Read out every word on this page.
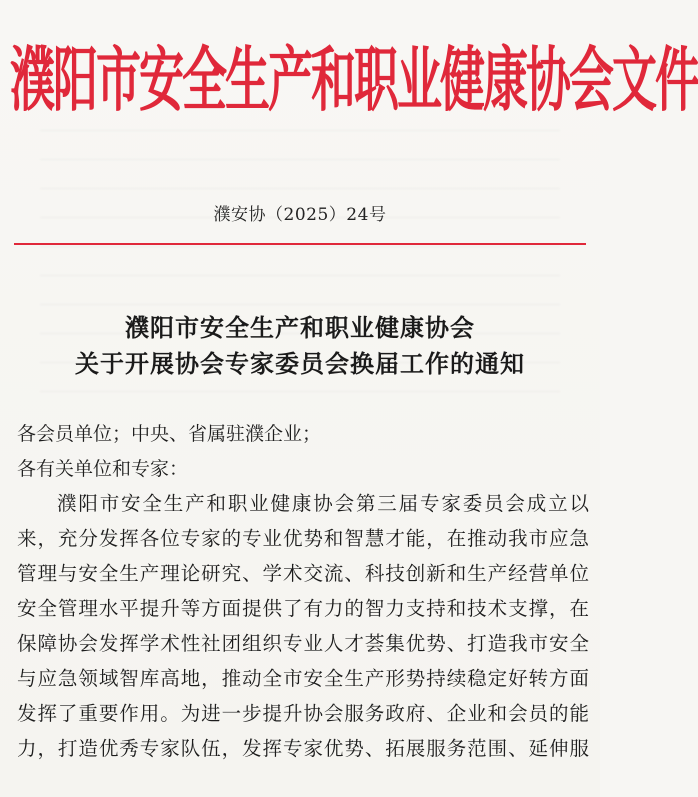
濮阳市安全生产和职业健康协会文件
濮安协（2025）24号
濮阳市安全生产和职业健康协会
关于开展协会专家委员会换届工作的通知
各会员单位；中央、省属驻濮企业；
各有关单位和专家：
濮阳市安全生产和职业健康协会第三届专家委员会成立以
来，充分发挥各位专家的专业优势和智慧才能，在推动我市应急
管理与安全生产理论研究、学术交流、科技创新和生产经营单位
安全管理水平提升等方面提供了有力的智力支持和技术支撑，在
保障协会发挥学术性社团组织专业人才荟集优势、打造我市安全
与应急领域智库高地，推动全市安全生产形势持续稳定好转方面
发挥了重要作用。为进一步提升协会服务政府、企业和会员的能
力，打造优秀专家队伍，发挥专家优势、拓展服务范围、延伸服
